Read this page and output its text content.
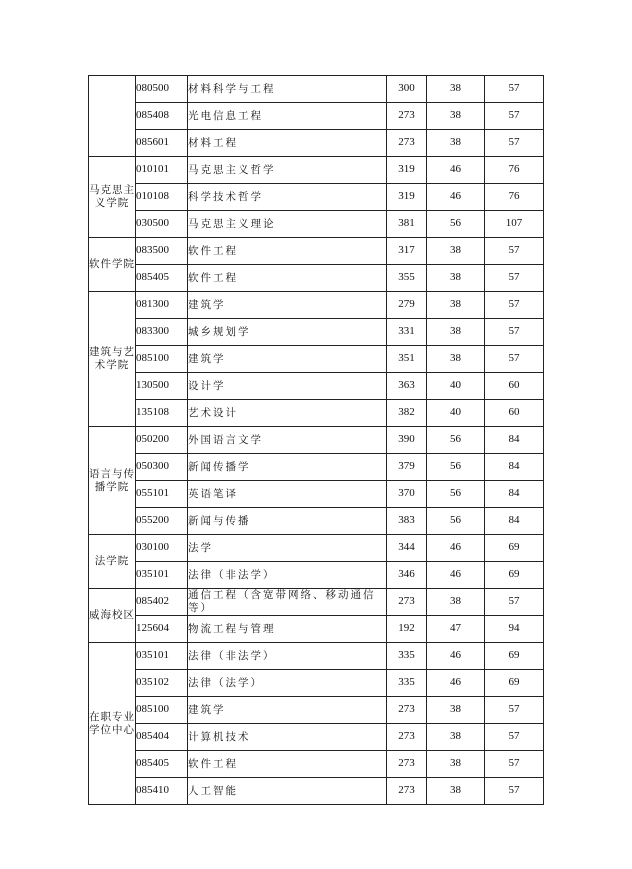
	080500	材料科学与工程	300	38	57
	085408	光电信息工程	273	38	57
	085601	材料工程	273	38	57
马克思主义学院	010101	马克思主义哲学	319	46	76
	010108	科学技术哲学	319	46	76
	030500	马克思主义理论	381	56	107
软件学院	083500	软件工程	317	38	57
	085405	软件工程	355	38	57
建筑与艺术学院	081300	建筑学	279	38	57
	083300	城乡规划学	331	38	57
	085100	建筑学	351	38	57
	130500	设计学	363	40	60
	135108	艺术设计	382	40	60
语言与传播学院	050200	外国语言文学	390	56	84
	050300	新闻传播学	379	56	84
	055101	英语笔译	370	56	84
	055200	新闻与传播	383	56	84
法学院	030100	法学	344	46	69
	035101	法律（非法学）	346	46	69
威海校区	085402	通信工程（含宽带网络、移动通信等）	273	38	57
	125604	物流工程与管理	192	47	94
在职专业学位中心	035101	法律（非法学）	335	46	69
	035102	法律（法学）	335	46	69
	085100	建筑学	273	38	57
	085404	计算机技术	273	38	57
	085405	软件工程	273	38	57
	085410	人工智能	273	38	57
